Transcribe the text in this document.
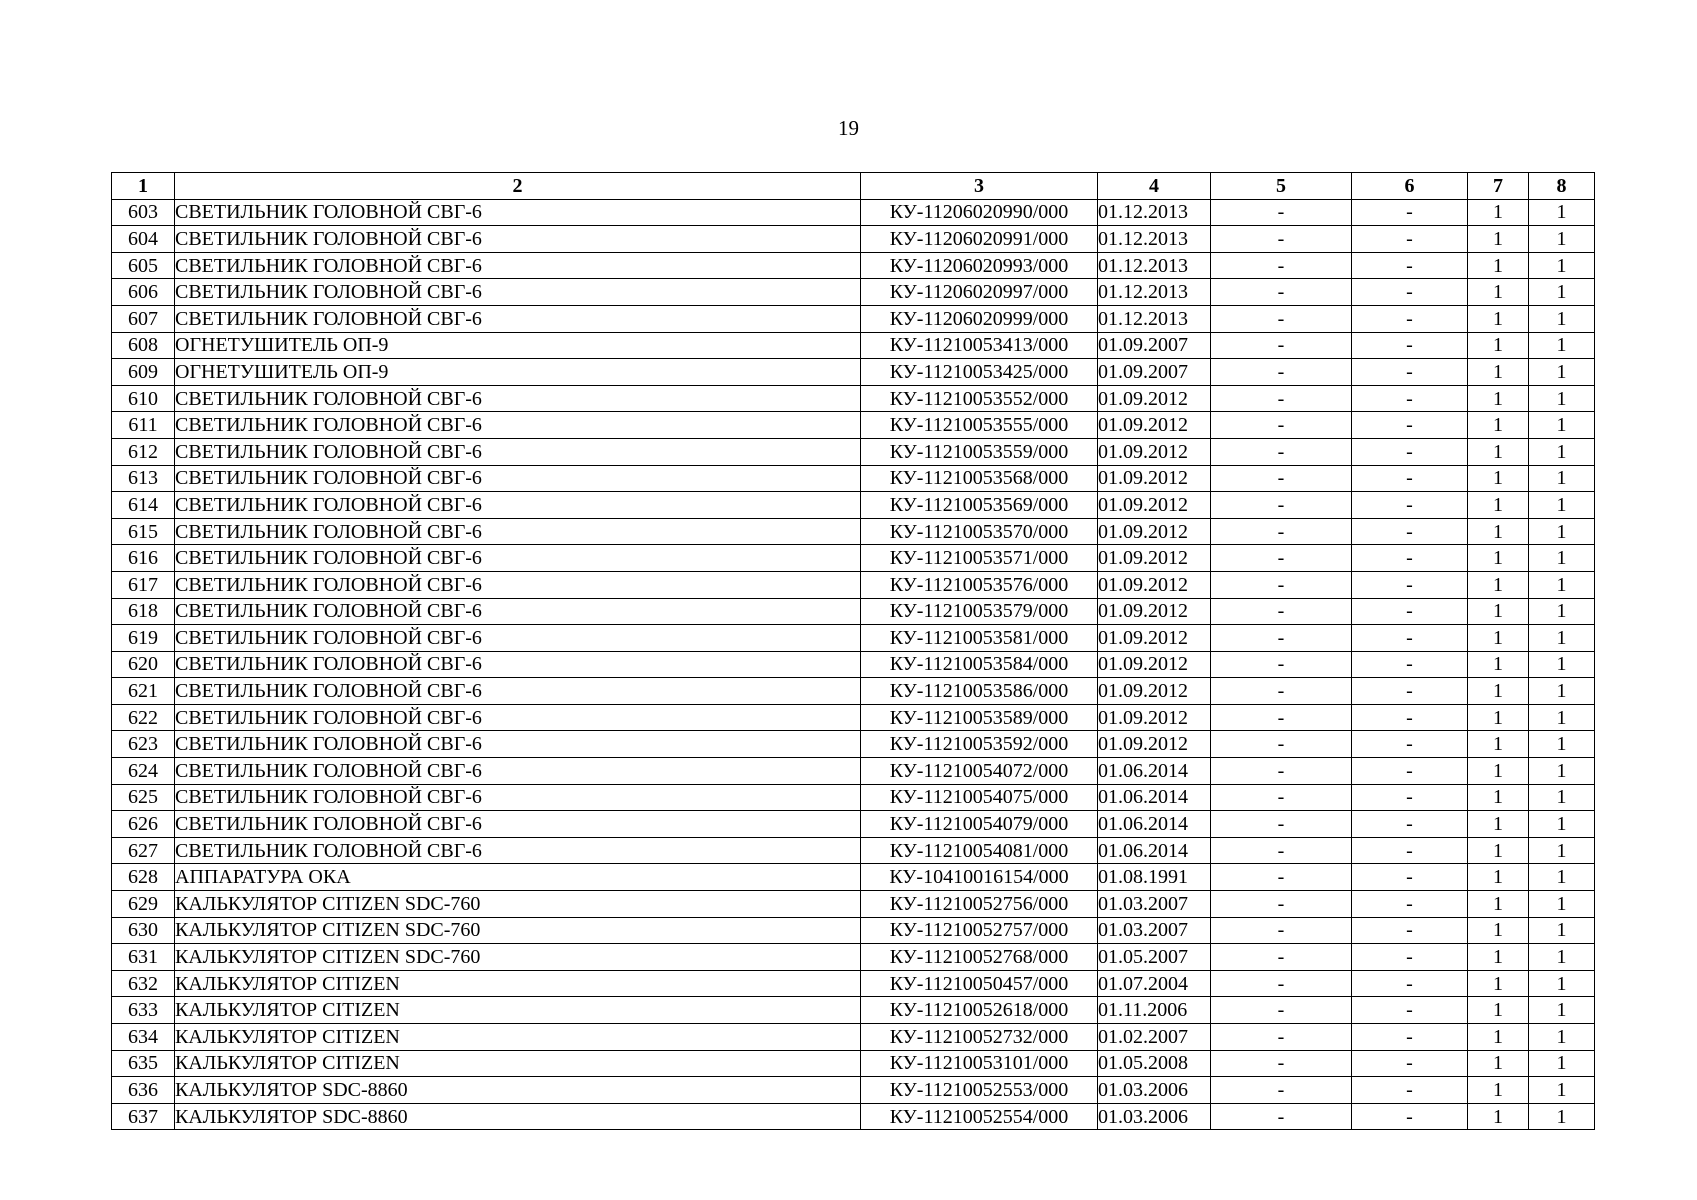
19
1	2	3	4	5	6	7	8
603	СВЕТИЛЬНИК ГОЛОВНОЙ СВГ-6	КУ-11206020990/000	01.12.2013	-	-	1	1
604	СВЕТИЛЬНИК ГОЛОВНОЙ СВГ-6	КУ-11206020991/000	01.12.2013	-	-	1	1
605	СВЕТИЛЬНИК ГОЛОВНОЙ СВГ-6	КУ-11206020993/000	01.12.2013	-	-	1	1
606	СВЕТИЛЬНИК ГОЛОВНОЙ СВГ-6	КУ-11206020997/000	01.12.2013	-	-	1	1
607	СВЕТИЛЬНИК ГОЛОВНОЙ СВГ-6	КУ-11206020999/000	01.12.2013	-	-	1	1
608	ОГНЕТУШИТЕЛЬ ОП-9	КУ-11210053413/000	01.09.2007	-	-	1	1
609	ОГНЕТУШИТЕЛЬ ОП-9	КУ-11210053425/000	01.09.2007	-	-	1	1
610	СВЕТИЛЬНИК ГОЛОВНОЙ СВГ-6	КУ-11210053552/000	01.09.2012	-	-	1	1
611	СВЕТИЛЬНИК ГОЛОВНОЙ СВГ-6	КУ-11210053555/000	01.09.2012	-	-	1	1
612	СВЕТИЛЬНИК ГОЛОВНОЙ СВГ-6	КУ-11210053559/000	01.09.2012	-	-	1	1
613	СВЕТИЛЬНИК ГОЛОВНОЙ СВГ-6	КУ-11210053568/000	01.09.2012	-	-	1	1
614	СВЕТИЛЬНИК ГОЛОВНОЙ СВГ-6	КУ-11210053569/000	01.09.2012	-	-	1	1
615	СВЕТИЛЬНИК ГОЛОВНОЙ СВГ-6	КУ-11210053570/000	01.09.2012	-	-	1	1
616	СВЕТИЛЬНИК ГОЛОВНОЙ СВГ-6	КУ-11210053571/000	01.09.2012	-	-	1	1
617	СВЕТИЛЬНИК ГОЛОВНОЙ СВГ-6	КУ-11210053576/000	01.09.2012	-	-	1	1
618	СВЕТИЛЬНИК ГОЛОВНОЙ СВГ-6	КУ-11210053579/000	01.09.2012	-	-	1	1
619	СВЕТИЛЬНИК ГОЛОВНОЙ СВГ-6	КУ-11210053581/000	01.09.2012	-	-	1	1
620	СВЕТИЛЬНИК ГОЛОВНОЙ СВГ-6	КУ-11210053584/000	01.09.2012	-	-	1	1
621	СВЕТИЛЬНИК ГОЛОВНОЙ СВГ-6	КУ-11210053586/000	01.09.2012	-	-	1	1
622	СВЕТИЛЬНИК ГОЛОВНОЙ СВГ-6	КУ-11210053589/000	01.09.2012	-	-	1	1
623	СВЕТИЛЬНИК ГОЛОВНОЙ СВГ-6	КУ-11210053592/000	01.09.2012	-	-	1	1
624	СВЕТИЛЬНИК ГОЛОВНОЙ СВГ-6	КУ-11210054072/000	01.06.2014	-	-	1	1
625	СВЕТИЛЬНИК ГОЛОВНОЙ СВГ-6	КУ-11210054075/000	01.06.2014	-	-	1	1
626	СВЕТИЛЬНИК ГОЛОВНОЙ СВГ-6	КУ-11210054079/000	01.06.2014	-	-	1	1
627	СВЕТИЛЬНИК ГОЛОВНОЙ СВГ-6	КУ-11210054081/000	01.06.2014	-	-	1	1
628	АППАРАТУРА ОКА	КУ-10410016154/000	01.08.1991	-	-	1	1
629	КАЛЬКУЛЯТОР CITIZEN SDC-760	КУ-11210052756/000	01.03.2007	-	-	1	1
630	КАЛЬКУЛЯТОР CITIZEN SDC-760	КУ-11210052757/000	01.03.2007	-	-	1	1
631	КАЛЬКУЛЯТОР CITIZEN SDC-760	КУ-11210052768/000	01.05.2007	-	-	1	1
632	КАЛЬКУЛЯТОР CITIZEN	КУ-11210050457/000	01.07.2004	-	-	1	1
633	КАЛЬКУЛЯТОР CITIZEN	КУ-11210052618/000	01.11.2006	-	-	1	1
634	КАЛЬКУЛЯТОР CITIZEN	КУ-11210052732/000	01.02.2007	-	-	1	1
635	КАЛЬКУЛЯТОР CITIZEN	КУ-11210053101/000	01.05.2008	-	-	1	1
636	КАЛЬКУЛЯТОР SDC-8860	КУ-11210052553/000	01.03.2006	-	-	1	1
637	КАЛЬКУЛЯТОР SDC-8860	КУ-11210052554/000	01.03.2006	-	-	1	1
